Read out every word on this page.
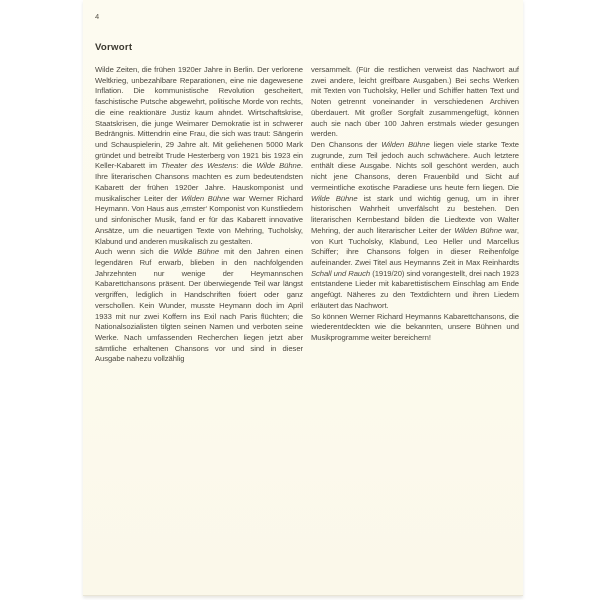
4
Vorwort

Wilde Zeiten, die frühen 1920er Jahre in Berlin. Der verlorene Weltkrieg, unbezahlbare Reparationen, eine nie dagewesene Inflation. Die kommunistische Revolution gescheitert, faschistische Putsche abgewehrt, politische Morde von rechts, die eine reaktionäre Justiz kaum ahndet. Wirtschaftskrise, Staatskrisen, die junge Weimarer Demokratie ist in schwerer Bedrängnis. Mittendrin eine Frau, die sich was traut: Sängerin und Schauspielerin, 29 Jahre alt. Mit geliehenen 5000 Mark gründet und betreibt Trude Hesterberg von 1921 bis 1923 ein Keller-Kabarett im Theater des Westens: die Wilde Bühne. Ihre literarischen Chansons machten es zum bedeutendsten Kabarett der frühen 1920er Jahre. Hauskomponist und musikalischer Leiter der Wilden Bühne war Werner Richard Heymann. Von Haus aus ‚ernster‘ Komponist von Kunstliedern und sinfonischer Musik, fand er für das Kabarett innovative Ansätze, um die neuartigen Texte von Mehring, Tucholsky, Klabund und anderen musikalisch zu gestalten.

Auch wenn sich die Wilde Bühne mit den Jahren einen legendären Ruf erwarb, blieben in den nachfolgenden Jahrzehnten nur wenige der Heymannschen Kabarettchansons präsent. Der überwiegende Teil war längst vergriffen, lediglich in Handschriften fixiert oder ganz verschollen. Kein Wunder, musste Heymann doch im April 1933 mit nur zwei Koffern ins Exil nach Paris flüchten; die Nationalsozialisten tilgten seinen Namen und verboten seine Werke. Nach umfassenden Recherchen liegen jetzt aber sämtliche erhaltenen Chansons vor und sind in dieser Ausgabe nahezu vollzählig

versammelt. (Für die restlichen verweist das Nachwort auf zwei andere, leicht greifbare Ausgaben.) Bei sechs Werken mit Texten von Tucholsky, Heller und Schiffer hatten Text und Noten getrennt voneinander in verschiedenen Archiven überdauert. Mit großer Sorgfalt zusammengefügt, können auch sie nach über 100 Jahren erstmals wieder gesungen werden.

Den Chansons der Wilden Bühne liegen viele starke Texte zugrunde, zum Teil jedoch auch schwächere. Auch letztere enthält diese Ausgabe. Nichts soll geschönt werden, auch nicht jene Chansons, deren Frauenbild und Sicht auf vermeintliche exotische Paradiese uns heute fern liegen. Die Wilde Bühne ist stark und wichtig genug, um in ihrer historischen Wahrheit unverfälscht zu bestehen. Den literarischen Kernbestand bilden die Liedtexte von Walter Mehring, der auch literarischer Leiter der Wilden Bühne war, von Kurt Tucholsky, Klabund, Leo Heller und Marcellus Schiffer; ihre Chansons folgen in dieser Reihenfolge aufeinander. Zwei Titel aus Heymanns Zeit in Max Reinhardts Schall und Rauch (1919/20) sind vorangestellt, drei nach 1923 entstandene Lieder mit kabarettistischem Einschlag am Ende angefügt. Näheres zu den Textdichtern und ihren Liedern erläutert das Nachwort.

So können Werner Richard Heymanns Kabarettchansons, die wiederentdeckten wie die bekannten, unsere Bühnen und Musikprogramme weiter bereichern!
